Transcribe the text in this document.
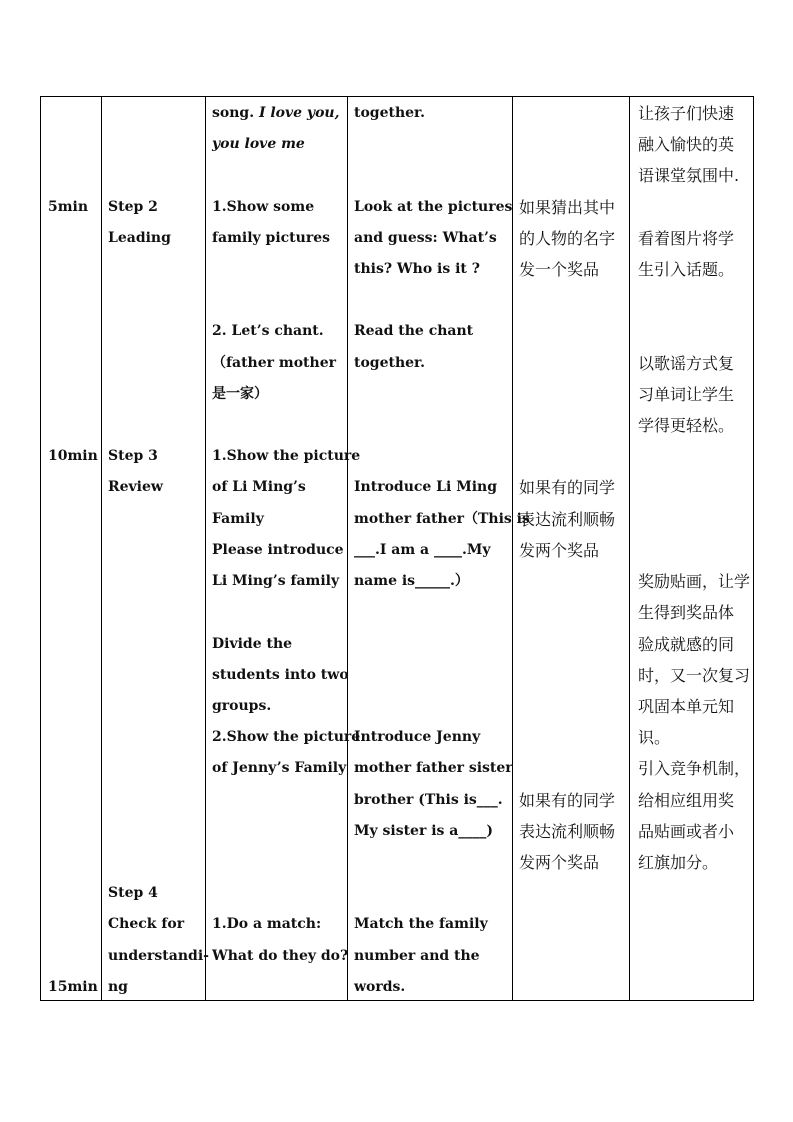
song. I love you,
you love me
together.	让孩子们快速
融入愉快的英
语课堂氛围中.
5min Step 2
Leading
1.Show some
family pictures
Look at the pictures
and guess: What’s
this? Who is it ?
如果猜出其中
的人物的名字
发一个奖品
看着图片将学
生引入话题。
2. Let’s chant.
（father mother
是一家）
Read the chant
together.	以歌谣方式复
习单词让学生
学得更轻松。
10min Step 3
Review
1.Show the picture
of Li Ming’s
Family
Please introduce
Li Ming’s family
Introduce Li Ming
mother father（This is
___.I am a ____.My
name is_____.）
如果有的同学
表达流利顺畅
发两个奖品
奖励贴画，让学
生得到奖品体
验成就感的同
时，又一次复习
巩固本单元知
识。
引入竞争机制，
给相应组用奖
品贴画或者小
红旗加分。
Divide the
students into two
groups.
2.Show the picture
of Jenny’s Family
Introduce Jenny
mother father sister
brother (This is___.
My sister is a____)
如果有的同学
表达流利顺畅
发两个奖品
Step 4
Check for
understandi-
ng
15min
1.Do a match:
What do they do?
Match the family
number and the
words.
